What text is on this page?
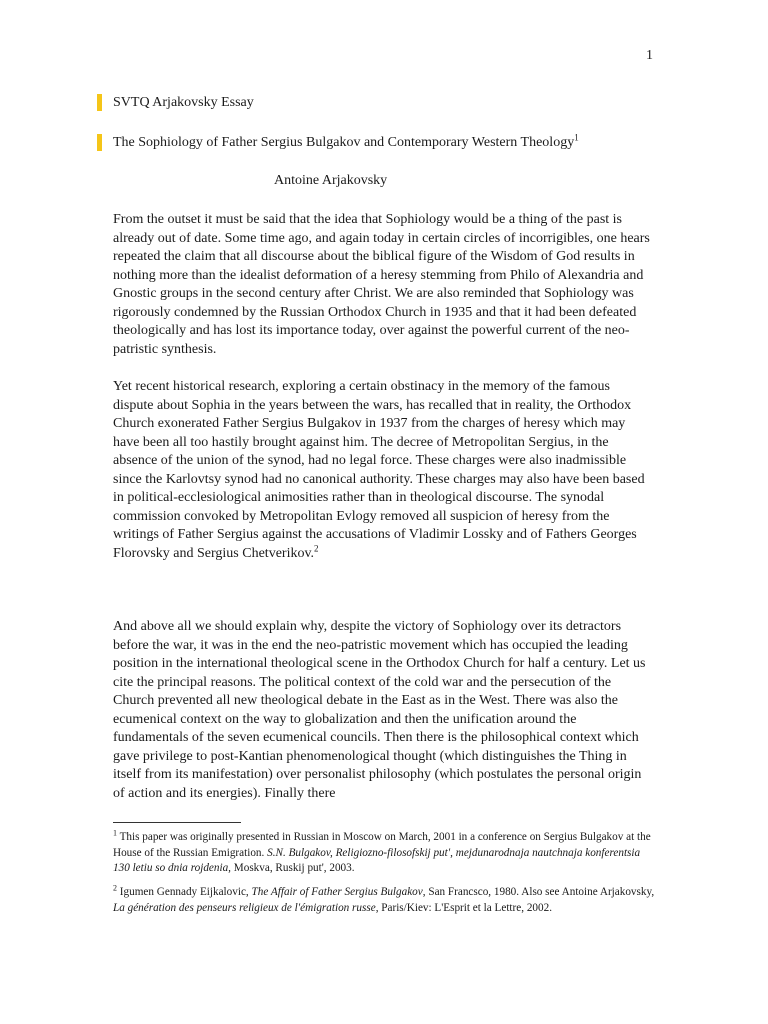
1
SVTQ Arjakovsky Essay
The Sophiology of Father Sergius Bulgakov and Contemporary Western Theology$^1$
Antoine Arjakovsky

From the outset it must be said that the idea that Sophiology would be a thing of the past is already out of date. Some time ago, and again today in certain circles of incorrigibles, one hears repeated the claim that all discourse about the biblical figure of the Wisdom of God results in nothing more than the idealist deformation of a heresy stemming from Philo of Alexandria and Gnostic groups in the second century after Christ. We are also reminded that Sophiology was rigorously condemned by the Russian Orthodox Church in 1935 and that it had been defeated theologically and has lost its importance today, over against the powerful current of the neo-patristic synthesis.

Yet recent historical research, exploring a certain obstinacy in the memory of the famous dispute about Sophia in the years between the wars, has recalled that in reality, the Orthodox Church exonerated Father Sergius Bulgakov in 1937 from the charges of heresy which may have been all too hastily brought against him. The decree of Metropolitan Sergius, in the absence of the union of the synod, had no legal force. These charges were also inadmissible since the Karlovtsy synod had no canonical authority. These charges may also have been based in political-ecclesiological animosities rather than in theological discourse. The synodal commission convoked by Metropolitan Evlogy removed all suspicion of heresy from the writings of Father Sergius against the accusations of Vladimir Lossky and of Fathers Georges Florovsky and Sergius Chetverikov.$^2$

And above all we should explain why, despite the victory of Sophiology over its detractors before the war, it was in the end the neo-patristic movement which has occupied the leading position in the international theological scene in the Orthodox Church for half a century. Let us cite the principal reasons. The political context of the cold war and the persecution of the Church prevented all new theological debate in the East as in the West. There was also the ecumenical context on the way to globalization and then the unification around the fundamentals of the seven ecumenical councils. Then there is the philosophical context which gave privilege to post-Kantian phenomenological thought (which distinguishes the Thing in itself from its manifestation) over personalist philosophy (which postulates the personal origin of action and its energies). Finally there

$^1$ This paper was originally presented in Russian in Moscow on March, 2001 in a conference on Sergius Bulgakov at the House of the Russian Emigration. S.N. Bulgakov, Religiozno-filosofskij put', mejdunarodnaja nautchnaja konferentsia 130 letiu so dnia rojdenia, Moskva, Ruskij put', 2003.

$^2$ Igumen Gennady Eijkalovic, The Affair of Father Sergius Bulgakov, San Francsco, 1980. Also see Antoine Arjakovsky, La génération des penseurs religieux de l'émigration russe, Paris/Kiev: L'Esprit et la Lettre, 2002.
